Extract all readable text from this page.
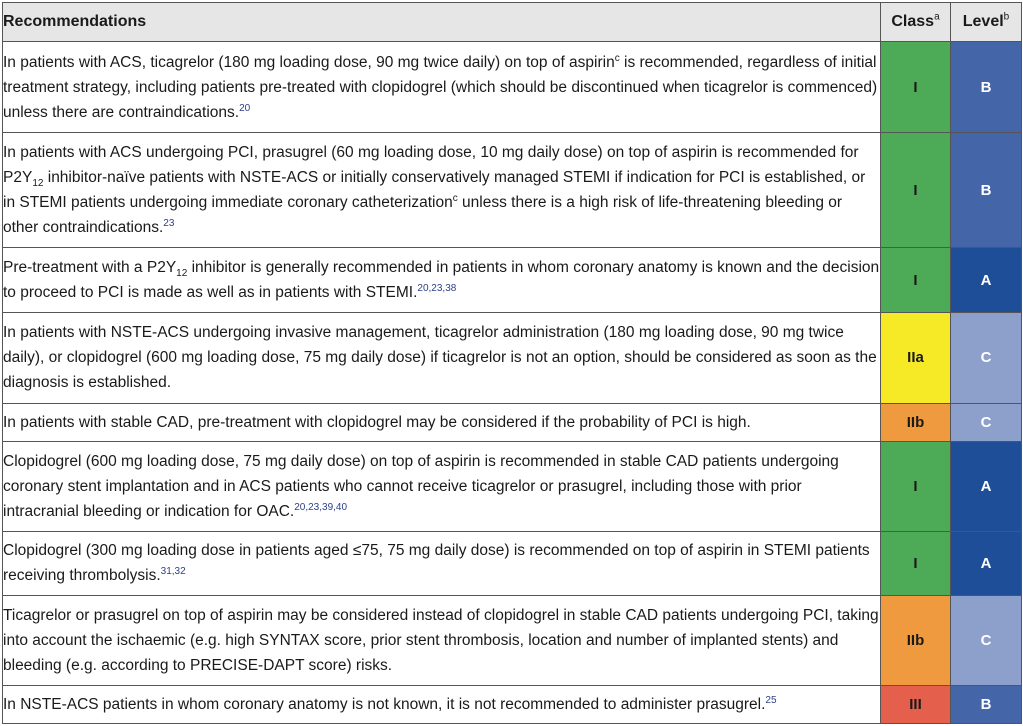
Recommendations	Class$^a$	Level$^b$
In patients with ACS, ticagrelor (180 mg loading dose, 90 mg twice daily) on top of aspirin$^c$ is recommended, regardless of initial treatment strategy, including patients pre-treated with clopidogrel (which should be discontinued when ticagrelor is commenced) unless there are contraindications.$^{20}$	I	B
In patients with ACS undergoing PCI, prasugrel (60 mg loading dose, 10 mg daily dose) on top of aspirin is recommended for $P2Y_{12}$ inhibitor-naïve patients with NSTE-ACS or initially conservatively managed STEMI if indication for PCI is established, or in STEMI patients undergoing immediate coronary catheterization$^c$ unless there is a high risk of life-threatening bleeding or other contraindications.$^{23}$	I	B
Pre-treatment with a $P2Y_{12}$ inhibitor is generally recommended in patients in whom coronary anatomy is known and the decision to proceed to PCI is made as well as in patients with STEMI.$^{20,23,38}$	I	A
In patients with NSTE-ACS undergoing invasive management, ticagrelor administration (180 mg loading dose, 90 mg twice daily), or clopidogrel (600 mg loading dose, 75 mg daily dose) if ticagrelor is not an option, should be considered as soon as the diagnosis is established.	IIa	C
In patients with stable CAD, pre-treatment with clopidogrel may be considered if the probability of PCI is high.	IIb	C
Clopidogrel (600 mg loading dose, 75 mg daily dose) on top of aspirin is recommended in stable CAD patients undergoing coronary stent implantation and in ACS patients who cannot receive ticagrelor or prasugrel, including those with prior intracranial bleeding or indication for OAC.$^{20,23,39,40}$	I	A
Clopidogrel (300 mg loading dose in patients aged ≤75, 75 mg daily dose) is recommended on top of aspirin in STEMI patients receiving thrombolysis.$^{31,32}$	I	A
Ticagrelor or prasugrel on top of aspirin may be considered instead of clopidogrel in stable CAD patients undergoing PCI, taking into account the ischaemic (e.g. high SYNTAX score, prior stent thrombosis, location and number of implanted stents) and bleeding (e.g. according to PRECISE-DAPT score) risks.	IIb	C
In NSTE-ACS patients in whom coronary anatomy is not known, it is not recommended to administer prasugrel.$^{25}$	III	B
